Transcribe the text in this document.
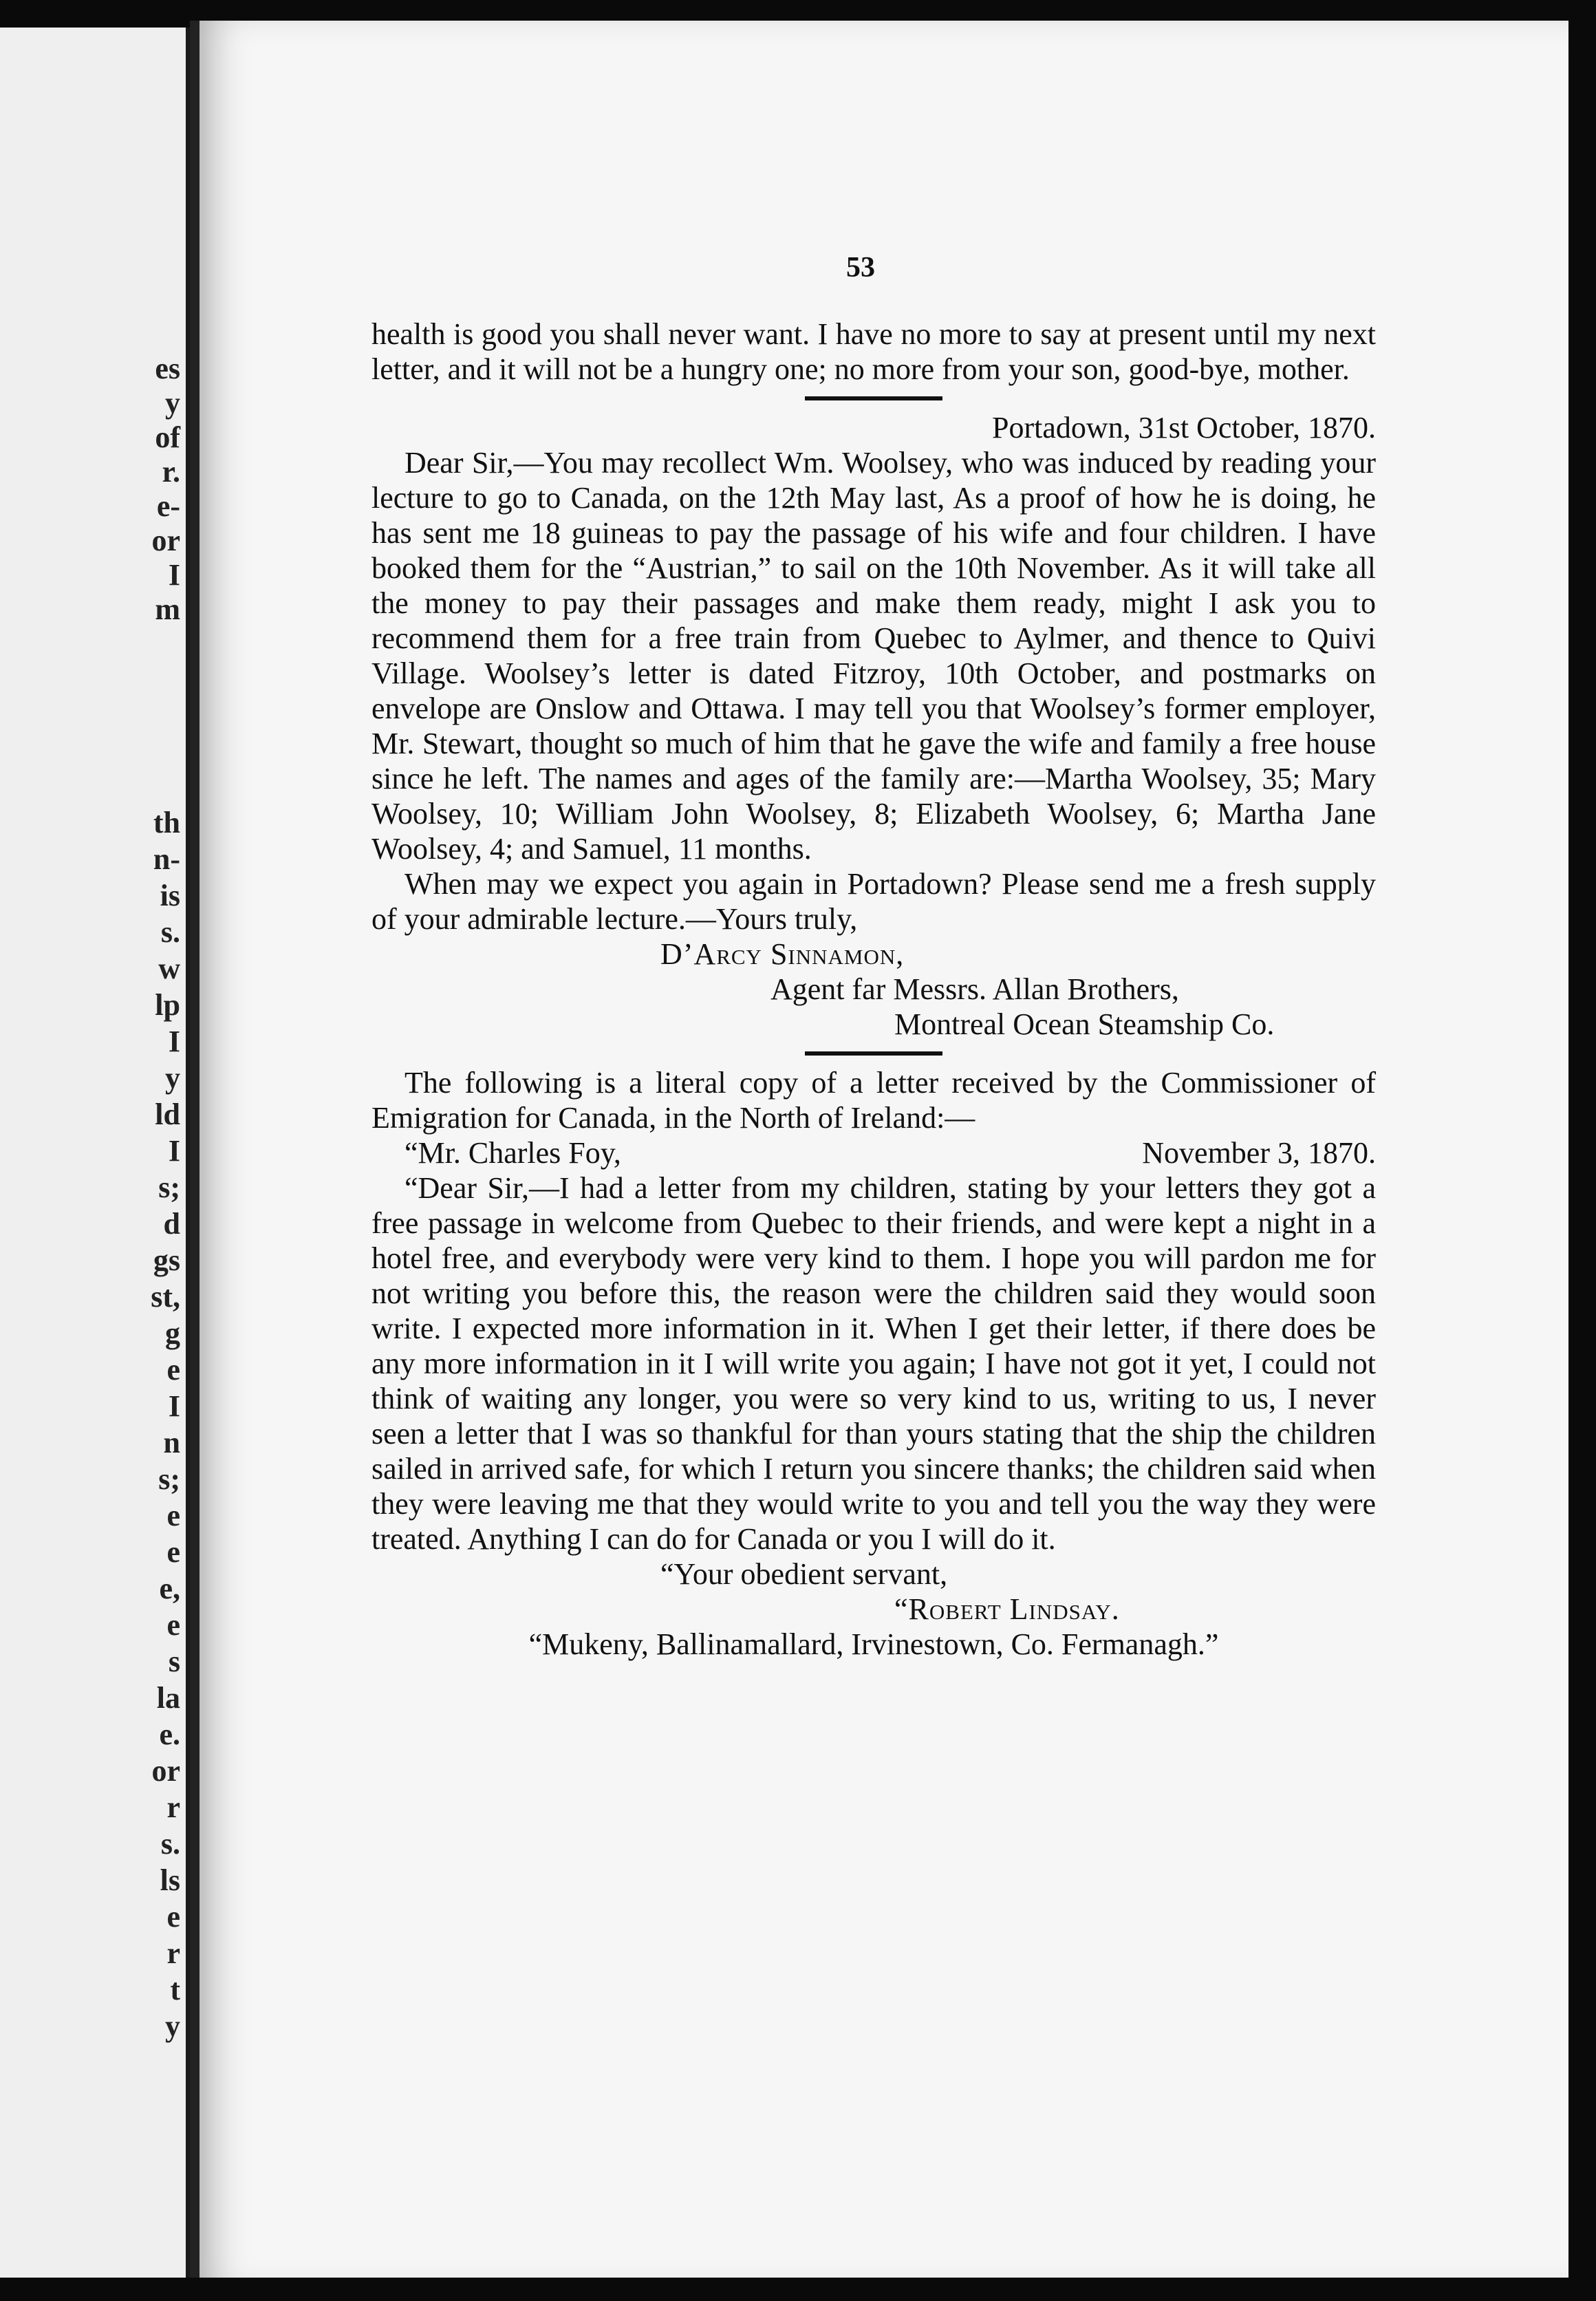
es
y
of
r.
e-
or
I
m
th
n-
is
s.
w
lp
I
y
ld
I
s;
d
gs
st,
g
e
I
n
s;
e
e
e,
e
s
la
e.
or
r
s.
ls
e
r
t
y
53

health is good you shall never want. I have no more to say at present until my next letter, and it will not be a hungry one; no more from your son, good-bye, mother.

Portadown, 31st October, 1870.

Dear Sir,—You may recollect Wm. Woolsey, who was induced by reading your lecture to go to Canada, on the 12th May last, As a proof of how he is doing, he has sent me 18 guineas to pay the passage of his wife and four children. I have booked them for the “Austrian,” to sail on the 10th November. As it will take all the money to pay their passages and make them ready, might I ask you to recommend them for a free train from Quebec to Aylmer, and thence to Quivi Village. Woolsey’s letter is dated Fitzroy, 10th October, and postmarks on envelope are Onslow and Ottawa. I may tell you that Woolsey’s former employer, Mr. Stewart, thought so much of him that he gave the wife and family a free house since he left. The names and ages of the family are:—Martha Woolsey, 35; Mary Woolsey, 10; William John Woolsey, 8; Elizabeth Woolsey, 6; Martha Jane Woolsey, 4; and Samuel, 11 months.

When may we expect you again in Portadown? Please send me a fresh supply of your admirable lecture.—Yours truly,

D’Arcy Sinnamon,

Agent far Messrs. Allan Brothers,

Montreal Ocean Steamship Co.

The following is a literal copy of a letter received by the Commissioner of Emigration for Canada, in the North of Ireland:—

“Mr. Charles Foy,	November 3, 1870.

“Dear Sir,—I had a letter from my children, stating by your letters they got a free passage in welcome from Quebec to their friends, and were kept a night in a hotel free, and everybody were very kind to them. I hope you will pardon me for not writing you before this, the reason were the children said they would soon write. I expected more information in it. When I get their letter, if there does be any more information in it I will write you again; I have not got it yet, I could not think of waiting any longer, you were so very kind to us, writing to us, I never seen a letter that I was so thankful for than yours stating that the ship the children sailed in arrived safe, for which I return you sincere thanks; the children said when they were leaving me that they would write to you and tell you the way they were treated. Anything I can do for Canada or you I will do it.

“Your obedient servant,

“Robert Lindsay.

“Mukeny, Ballinamallard, Irvinestown, Co. Fermanagh.”
